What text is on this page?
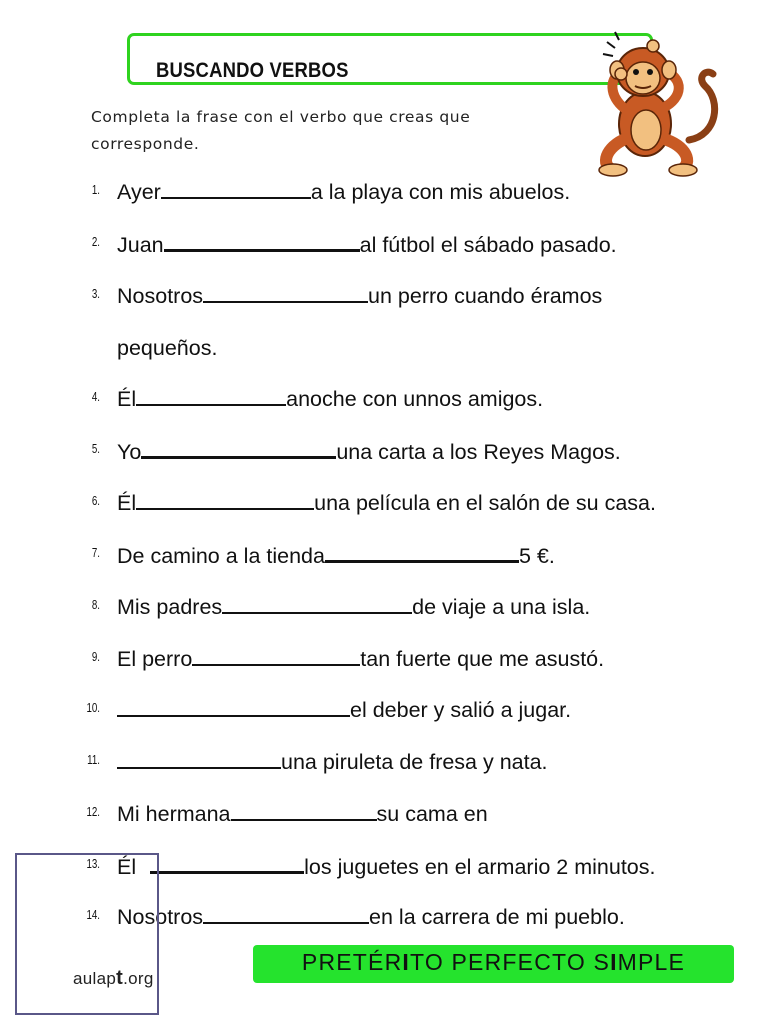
BUSCANDO VERBOS
Completa la frase con el verbo que creas que corresponde.
1. Ayer	a la playa con mis abuelos.
2. Juan	al fútbol el sábado pasado.
3. Nosotros	un perro cuando éramos
pequeños.
4. Él	anoche con unnos amigos.
5. Yo	una carta a los Reyes Magos.
6. Él	una película en el salón de su casa.
7. De camino a la tienda	5 €.
8. Mis padres	de viaje a una isla.
9. El perro	tan fuerte que me asustó.
10.	el deber y salió a jugar.
11.	una piruleta de fresa y nata.
12. Mi hermana	su cama en
13. Él	los juguetes en el armario 2 minutos.
14. Nosotros	en la carrera de mi pueblo.
aulapt.org
PRETÉRITO PERFECTO SIMPLE
